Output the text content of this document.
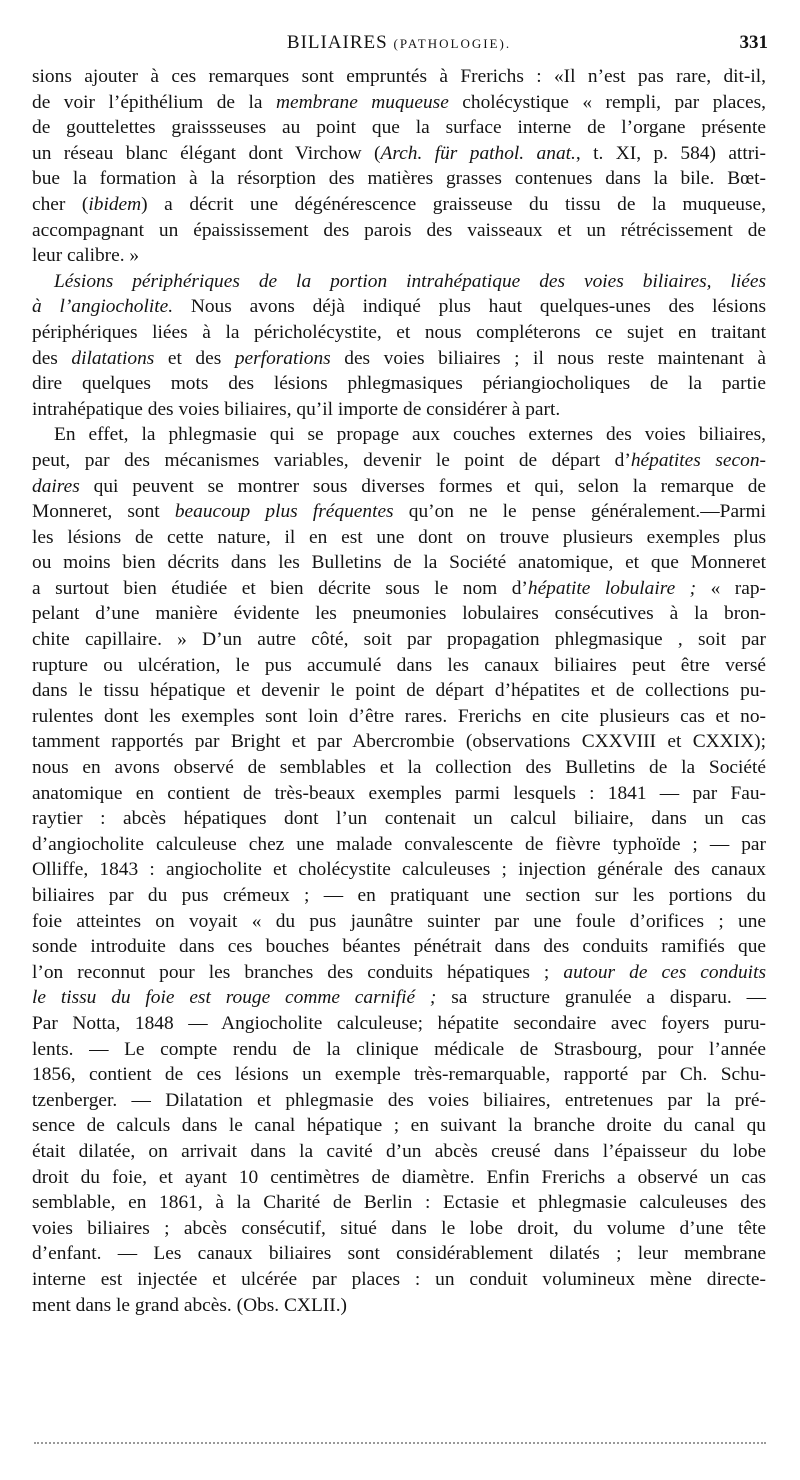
BILIAIRES (PATHOLOGIE).	331
sions ajouter à ces remarques sont empruntés à Frerichs : «Il n’est pas rare, dit-il,
de voir l’épithélium de la membrane muqueuse cholécystique « rempli, par places,
de gouttelettes graissseuses au point que la surface interne de l’organe présente
un réseau blanc élégant dont Virchow (Arch. für pathol. anat., t. XI, p. 584) attri-
bue la formation à la résorption des matières grasses contenues dans la bile. Bœt-
cher (ibidem) a décrit une dégénérescence graisseuse du tissu de la muqueuse,
accompagnant un épaississement des parois des vaisseaux et un rétrécissement de
leur calibre. »
Lésions périphériques de la portion intrahépatique des voies biliaires, liées
à l’angiocholite. Nous avons déjà indiqué plus haut quelques-unes des lésions
périphériques liées à la péricholécystite, et nous compléterons ce sujet en traitant
des dilatations et des perforations des voies biliaires ; il nous reste maintenant à
dire quelques mots des lésions phlegmasiques périangiocholiques de la partie
intrahépatique des voies biliaires, qu’il importe de considérer à part.
En effet, la phlegmasie qui se propage aux couches externes des voies biliaires,
peut, par des mécanismes variables, devenir le point de départ d’hépatites secon-
daires qui peuvent se montrer sous diverses formes et qui, selon la remarque de
Monneret, sont beaucoup plus fréquentes qu’on ne le pense généralement.—Parmi
les lésions de cette nature, il en est une dont on trouve plusieurs exemples plus
ou moins bien décrits dans les Bulletins de la Société anatomique, et que Monneret
a surtout bien étudiée et bien décrite sous le nom d’hépatite lobulaire ; « rap-
pelant d’une manière évidente les pneumonies lobulaires consécutives à la bron-
chite capillaire. » D’un autre côté, soit par propagation phlegmasique , soit par
rupture ou ulcération, le pus accumulé dans les canaux biliaires peut être versé
dans le tissu hépatique et devenir le point de départ d’hépatites et de collections pu-
rulentes dont les exemples sont loin d’être rares. Frerichs en cite plusieurs cas et no-
tamment rapportés par Bright et par Abercrombie (observations CXXVIII et CXXIX);
nous en avons observé de semblables et la collection des Bulletins de la Société
anatomique en contient de très-beaux exemples parmi lesquels : 1841 — par Fau-
raytier : abcès hépatiques dont l’un contenait un calcul biliaire, dans un cas
d’angiocholite calculeuse chez une malade convalescente de fièvre typhoïde ; — par
Olliffe, 1843 : angiocholite et cholécystite calculeuses ; injection générale des canaux
biliaires par du pus crémeux ; — en pratiquant une section sur les portions du
foie atteintes on voyait « du pus jaunâtre suinter par une foule d’orifices ; une
sonde introduite dans ces bouches béantes pénétrait dans des conduits ramifiés que
l’on reconnut pour les branches des conduits hépatiques ; autour de ces conduits
le tissu du foie est rouge comme carnifié ; sa structure granulée a disparu. —
Par Notta, 1848 — Angiocholite calculeuse; hépatite secondaire avec foyers puru-
lents. — Le compte rendu de la clinique médicale de Strasbourg, pour l’année
1856, contient de ces lésions un exemple très-remarquable, rapporté par Ch. Schu-
tzenberger. — Dilatation et phlegmasie des voies biliaires, entretenues par la pré-
sence de calculs dans le canal hépatique ; en suivant la branche droite du canal qu
était dilatée, on arrivait dans la cavité d’un abcès creusé dans l’épaisseur du lobe
droit du foie, et ayant 10 centimètres de diamètre. Enfin Frerichs a observé un cas
semblable, en 1861, à la Charité de Berlin : Ectasie et phlegmasie calculeuses des
voies biliaires ; abcès consécutif, situé dans le lobe droit, du volume d’une tête
d’enfant. — Les canaux biliaires sont considérablement dilatés ; leur membrane
interne est injectée et ulcérée par places : un conduit volumineux mène directe-
ment dans le grand abcès. (Obs. CXLII.)
